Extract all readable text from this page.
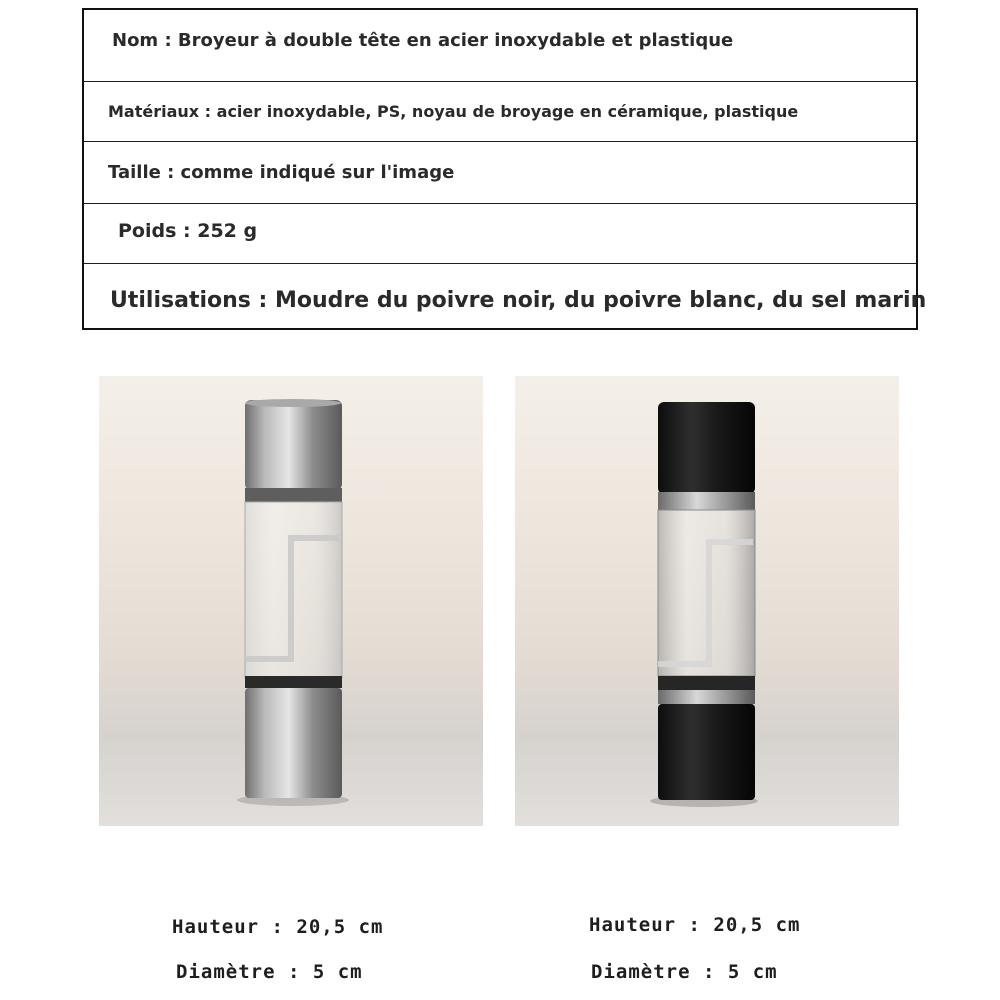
Nom : Broyeur à double tête en acier inoxydable et plastique
Matériaux : acier inoxydable, PS, noyau de broyage en céramique, plastique
Taille : comme indiqué sur l'image
Poids : 252 g
Utilisations : Moudre du poivre noir, du poivre blanc, du sel marin
Hauteur : 20,5 cm
Diamètre : 5 cm
Hauteur : 20,5 cm
Diamètre : 5 cm
